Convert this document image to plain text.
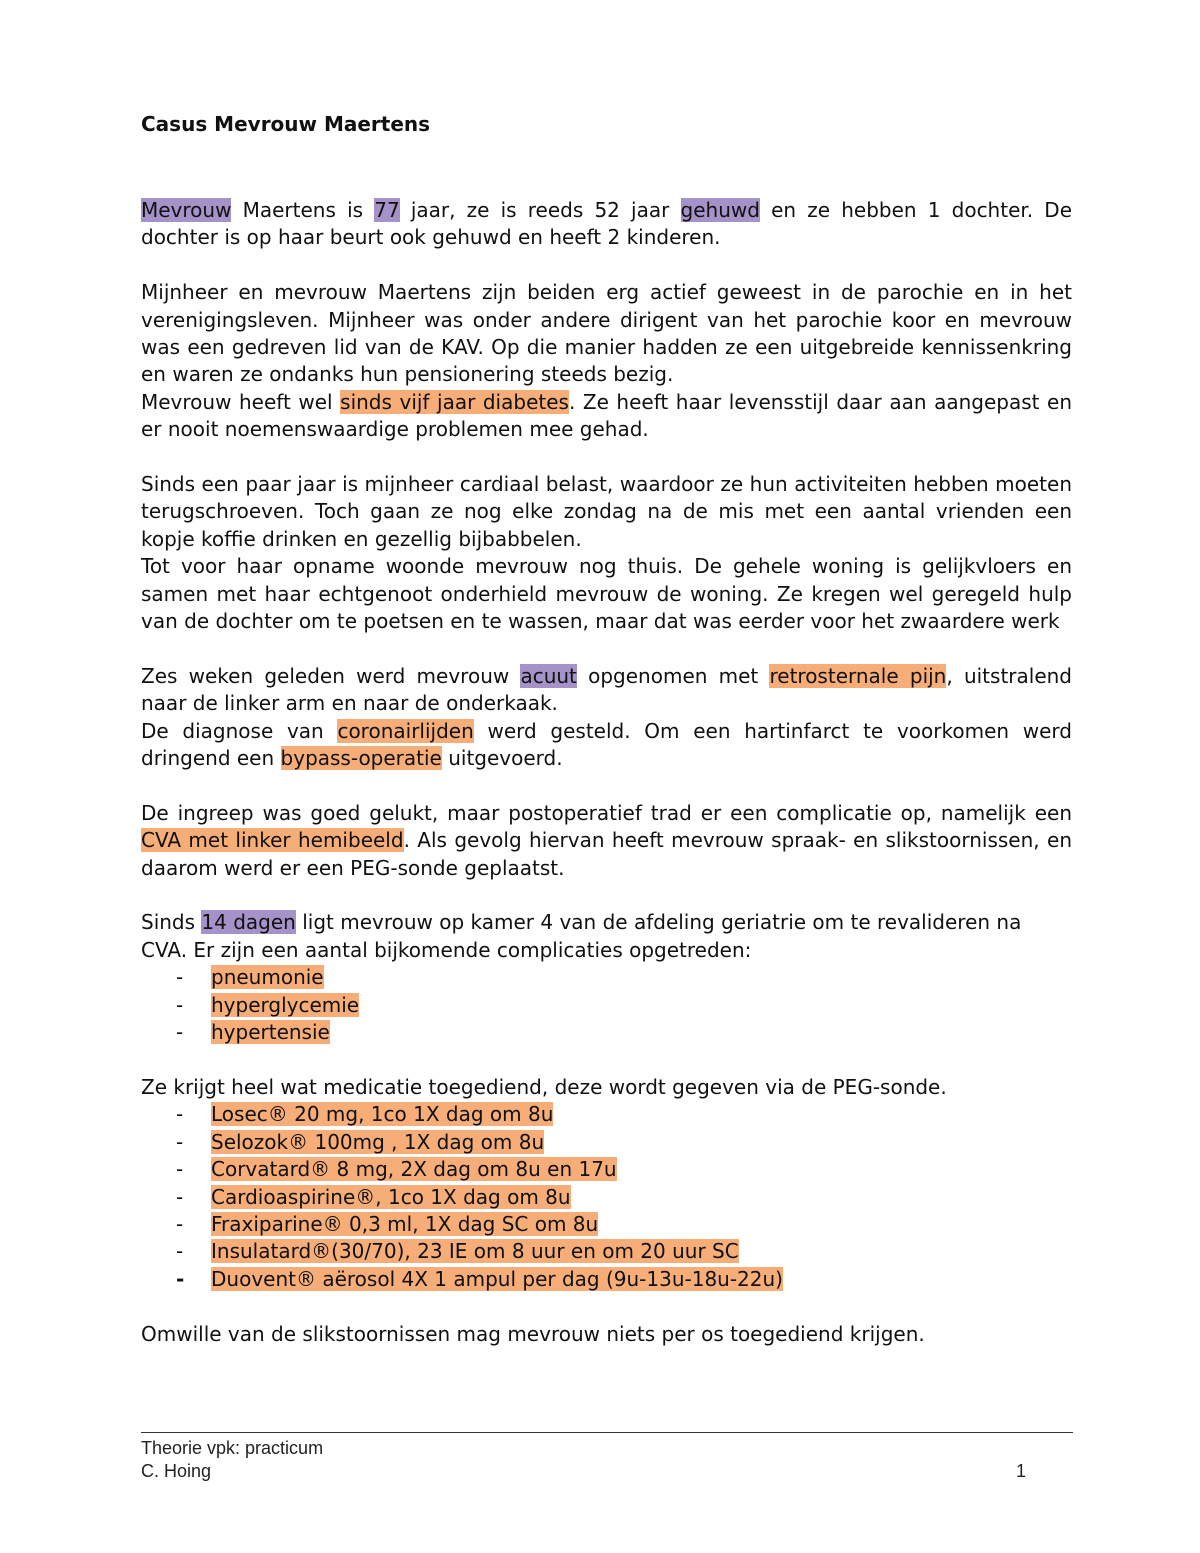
Casus Mevrouw Maertens

Mevrouw Maertens is 77 jaar, ze is reeds 52 jaar gehuwd en ze hebben 1 dochter. De dochter is op haar beurt ook gehuwd en heeft 2 kinderen.

Mijnheer en mevrouw Maertens zijn beiden erg actief geweest in de parochie en in het verenigingsleven. Mijnheer was onder andere dirigent van het parochie koor en mevrouw was een gedreven lid van de KAV. Op die manier hadden ze een uitgebreide kennissenkring en waren ze ondanks hun pensionering steeds bezig.

Mevrouw heeft wel sinds vijf jaar diabetes. Ze heeft haar levensstijl daar aan aangepast en er nooit noemenswaardige problemen mee gehad.

Sinds een paar jaar is mijnheer cardiaal belast, waardoor ze hun activiteiten hebben moeten terugschroeven. Toch gaan ze nog elke zondag na de mis met een aantal vrienden een kopje koffie drinken en gezellig bijbabbelen.

Tot voor haar opname woonde mevrouw nog thuis. De gehele woning is gelijkvloers en samen met haar echtgenoot onderhield mevrouw de woning. Ze kregen wel geregeld hulp van de dochter om te poetsen en te wassen, maar dat was eerder voor het zwaardere werk

Zes weken geleden werd mevrouw acuut opgenomen met retrosternale pijn, uitstralend naar de linker arm en naar de onderkaak.

De diagnose van coronairlijden werd gesteld. Om een hartinfarct te voorkomen werd dringend een bypass-operatie uitgevoerd.

De ingreep was goed gelukt, maar postoperatief trad er een complicatie op, namelijk een CVA met linker hemibeeld. Als gevolg hiervan heeft mevrouw spraak- en slikstoornissen, en daarom werd er een PEG-sonde geplaatst.

Sinds 14 dagen ligt mevrouw op kamer 4 van de afdeling geriatrie om te revalideren na CVA. Er zijn een aantal bijkomende complicaties opgetreden:

- pneumonie
- hyperglycemie
- hypertensie

Ze krijgt heel wat medicatie toegediend, deze wordt gegeven via de PEG-sonde.

- Losec® 20 mg, 1co 1X dag om 8u
- Selozok® 100mg , 1X dag om 8u
- Corvatard® 8 mg, 2X dag om 8u en 17u
- Cardioaspirine®, 1co 1X dag om 8u
- Fraxiparine® 0,3 ml, 1X dag SC om 8u
- Insulatard®(30/70), 23 IE om 8 uur en om 20 uur SC
- Duovent® aërosol 4X 1 ampul per dag (9u-13u-18u-22u)

Omwille van de slikstoornissen mag mevrouw niets per os toegediend krijgen.

Theorie vpk: practicum
C. Hoing	1
